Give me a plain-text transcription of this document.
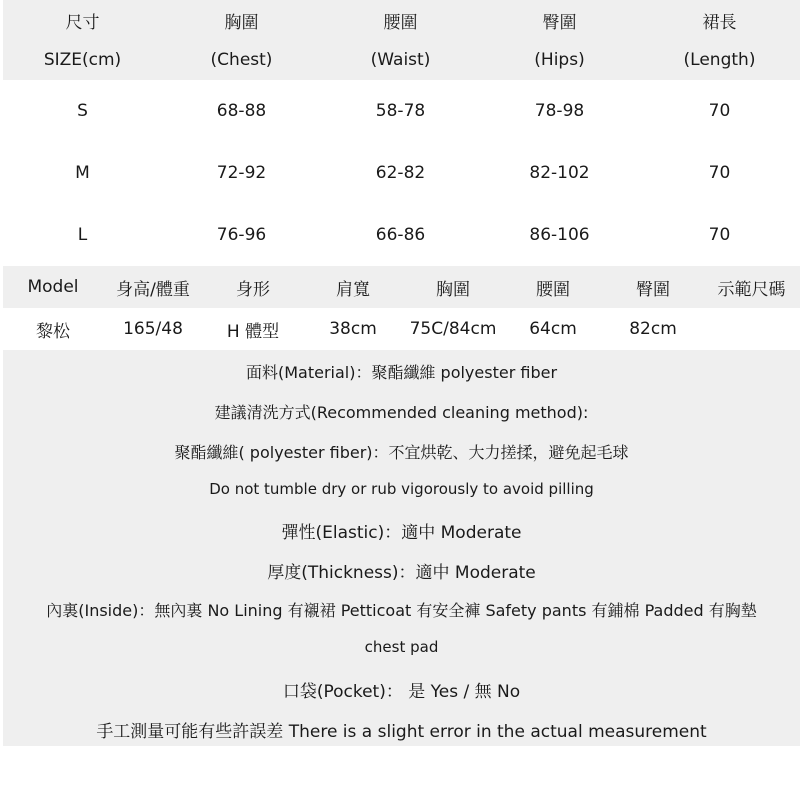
尺寸	胸圍	腰圍	臀圍	裙長
SIZE(cm)	(Chest)	(Waist)	(Hips)	(Length)
S	68-88	58-78	78-98	70
M	72-92	62-82	82-102	70
L	76-96	66-86	86-106	70
Model	身高/體重	身形	肩寬	胸圍	腰圍	臀圍	示範尺碼
黎松	165/48	H 體型	38cm	75C/84cm	64cm	82cm
面料(Material)：聚酯纖維 polyester fiber
建議清洗方式(Recommended cleaning method):
聚酯纖維( polyester fiber)：不宜烘乾、大力搓揉，避免起毛球
Do not tumble dry or rub vigorously to avoid pilling
彈性(Elastic)：適中 Moderate
厚度(Thickness)：適中 Moderate
內裏(Inside)：無內裏 No Lining 有襯裙 Petticoat 有安全褲 Safety pants 有鋪棉 Padded 有胸墊
chest pad
口袋(Pocket)： 是 Yes / 無 No
手工測量可能有些許誤差 There is a slight error in the actual measurement
